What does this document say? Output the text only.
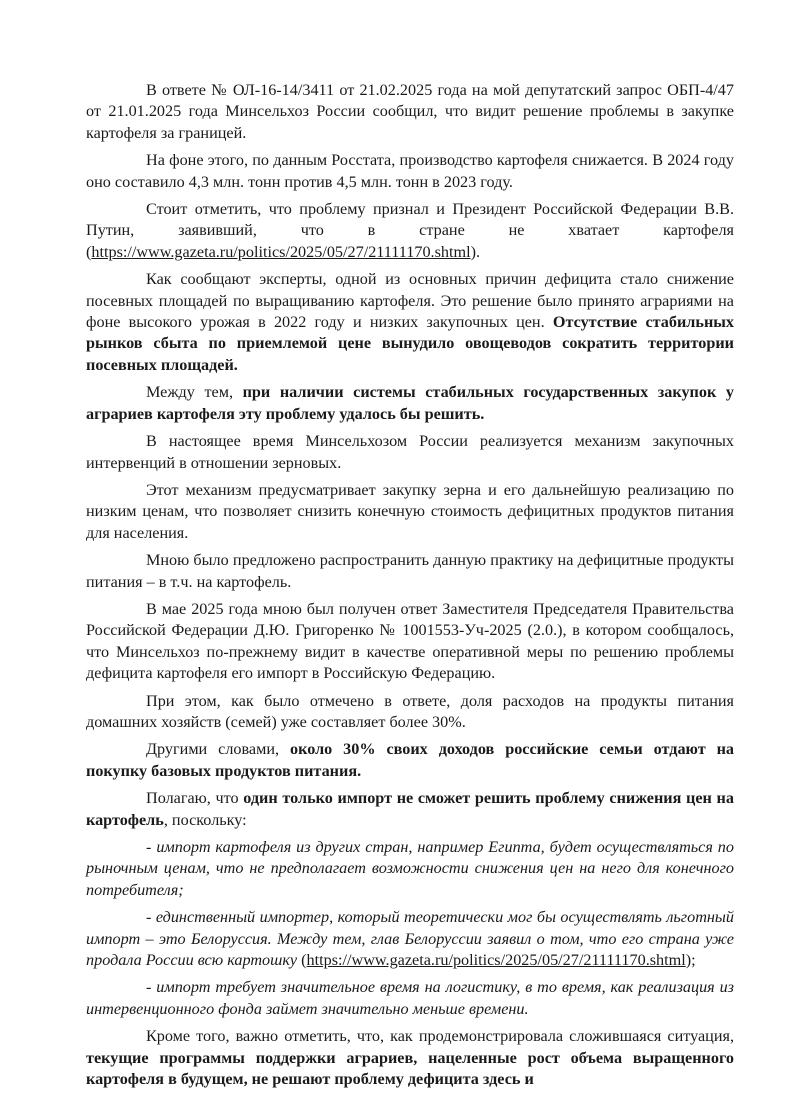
В ответе № ОЛ-16-14/3411 от 21.02.2025 года на мой депутатский запрос ОБП-4/47 от 21.01.2025 года Минсельхоз России сообщил, что видит решение проблемы в закупке картофеля за границей.

На фоне этого, по данным Росстата, производство картофеля снижается. В 2024 году оно составило 4,3 млн. тонн против 4,5 млн. тонн в 2023 году.

Стоит отметить, что проблему признал и Президент Российской Федерации В.В. Путин, заявивший, что в стране не хватает картофеля (https://www.gazeta.ru/politics/2025/05/27/21111170.shtml).

Как сообщают эксперты, одной из основных причин дефицита стало снижение посевных площадей по выращиванию картофеля. Это решение было принято аграриями на фоне высокого урожая в 2022 году и низких закупочных цен. Отсутствие стабильных рынков сбыта по приемлемой цене вынудило овощеводов сократить территории посевных площадей.

Между тем, при наличии системы стабильных государственных закупок у аграриев картофеля эту проблему удалось бы решить.

В настоящее время Минсельхозом России реализуется механизм закупочных интервенций в отношении зерновых.

Этот механизм предусматривает закупку зерна и его дальнейшую реализацию по низким ценам, что позволяет снизить конечную стоимость дефицитных продуктов питания для населения.

Мною было предложено распространить данную практику на дефицитные продукты питания – в т.ч. на картофель.

В мае 2025 года мною был получен ответ Заместителя Председателя Правительства Российской Федерации Д.Ю. Григоренко № 1001553-Уч-2025 (2.0.), в котором сообщалось, что Минсельхоз по-прежнему видит в качестве оперативной меры по решению проблемы дефицита картофеля его импорт в Российскую Федерацию.

При этом, как было отмечено в ответе, доля расходов на продукты питания домашних хозяйств (семей) уже составляет более 30%.

Другими словами, около 30% своих доходов российские семьи отдают на покупку базовых продуктов питания.

Полагаю, что один только импорт не сможет решить проблему снижения цен на картофель, поскольку:

- импорт картофеля из других стран, например Египта, будет осуществляться по рыночным ценам, что не предполагает возможности снижения цен на него для конечного потребителя;

- единственный импортер, который теоретически мог бы осуществлять льготный импорт – это Белоруссия. Между тем, глав Белоруссии заявил о том, что его страна уже продала России всю картошку (https://www.gazeta.ru/politics/2025/05/27/21111170.shtml);

- импорт требует значительное время на логистику, в то время, как реализация из интервенционного фонда займет значительно меньше времени.

Кроме того, важно отметить, что, как продемонстрировала сложившаяся ситуация, текущие программы поддержки аграриев, нацеленные рост объема выращенного картофеля в будущем, не решают проблему дефицита здесь и
